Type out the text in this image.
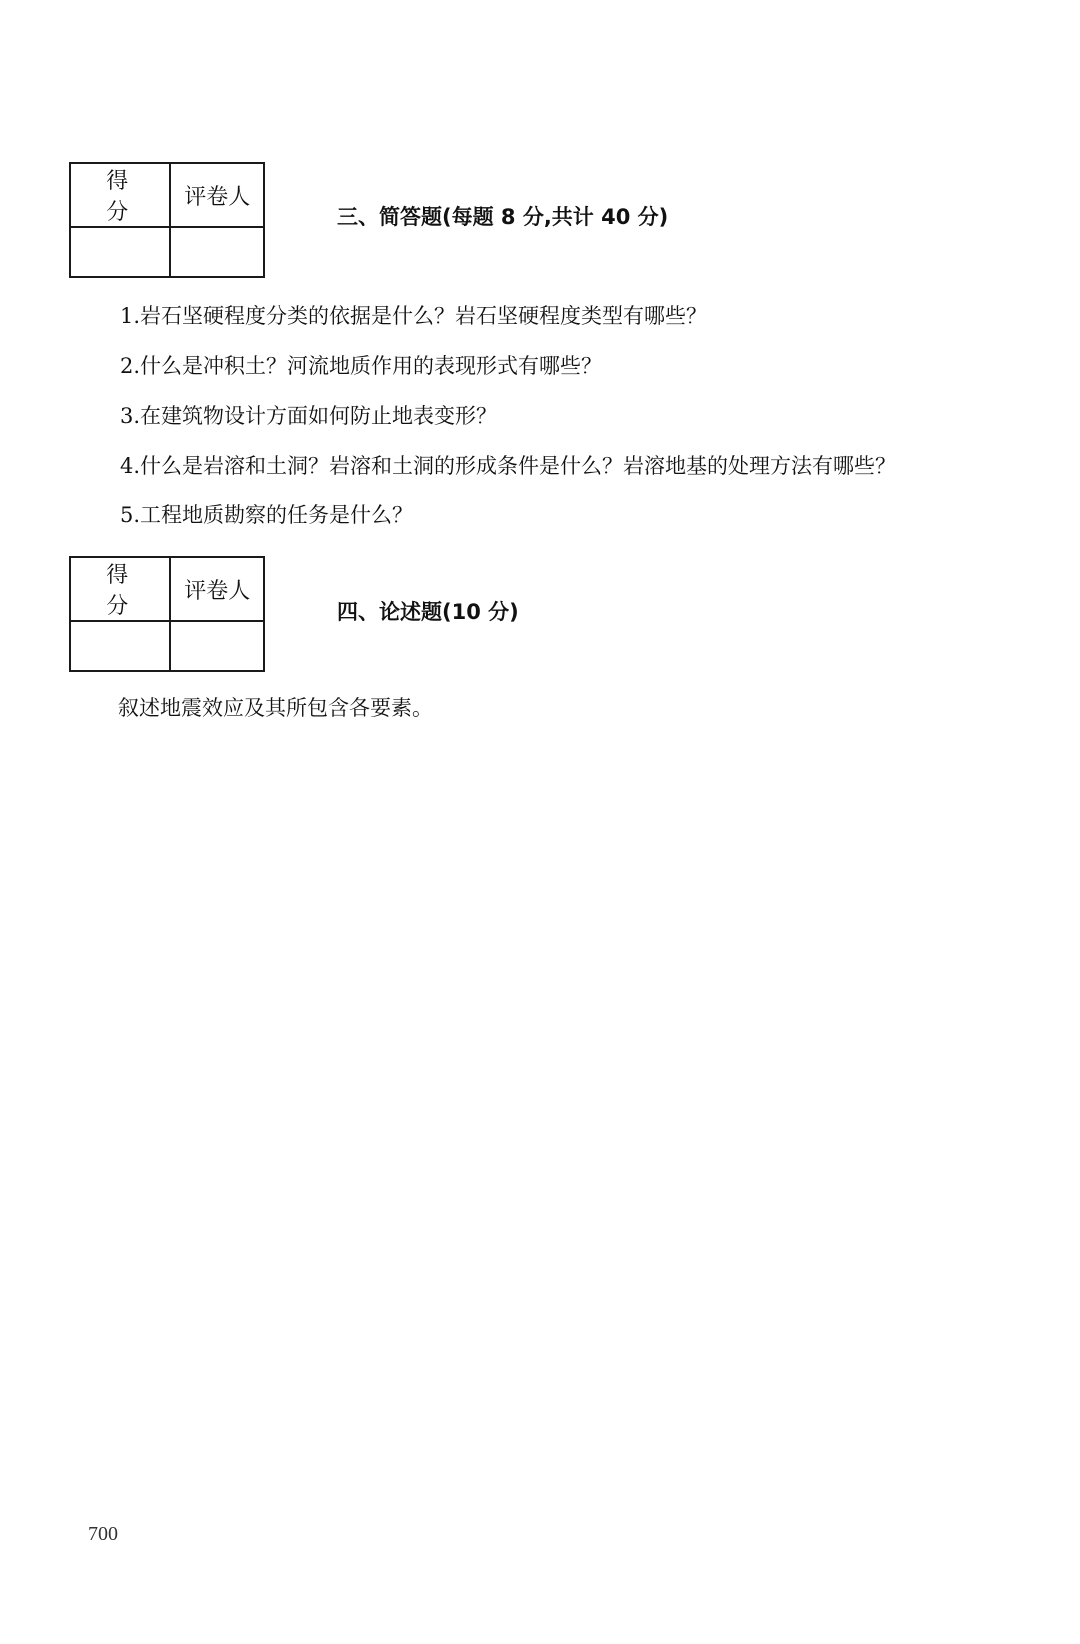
得 分	评卷人

三、简答题(每题 8 分,共计 40 分)
1.岩石坚硬程度分类的依据是什么？岩石坚硬程度类型有哪些？
2.什么是冲积土？河流地质作用的表现形式有哪些？
3.在建筑物设计方面如何防止地表变形？
4.什么是岩溶和土洞？岩溶和土洞的形成条件是什么？岩溶地基的处理方法有哪些？
5.工程地质勘察的任务是什么？
得 分	评卷人

四、论述题(10 分)
叙述地震效应及其所包含各要素。
700
